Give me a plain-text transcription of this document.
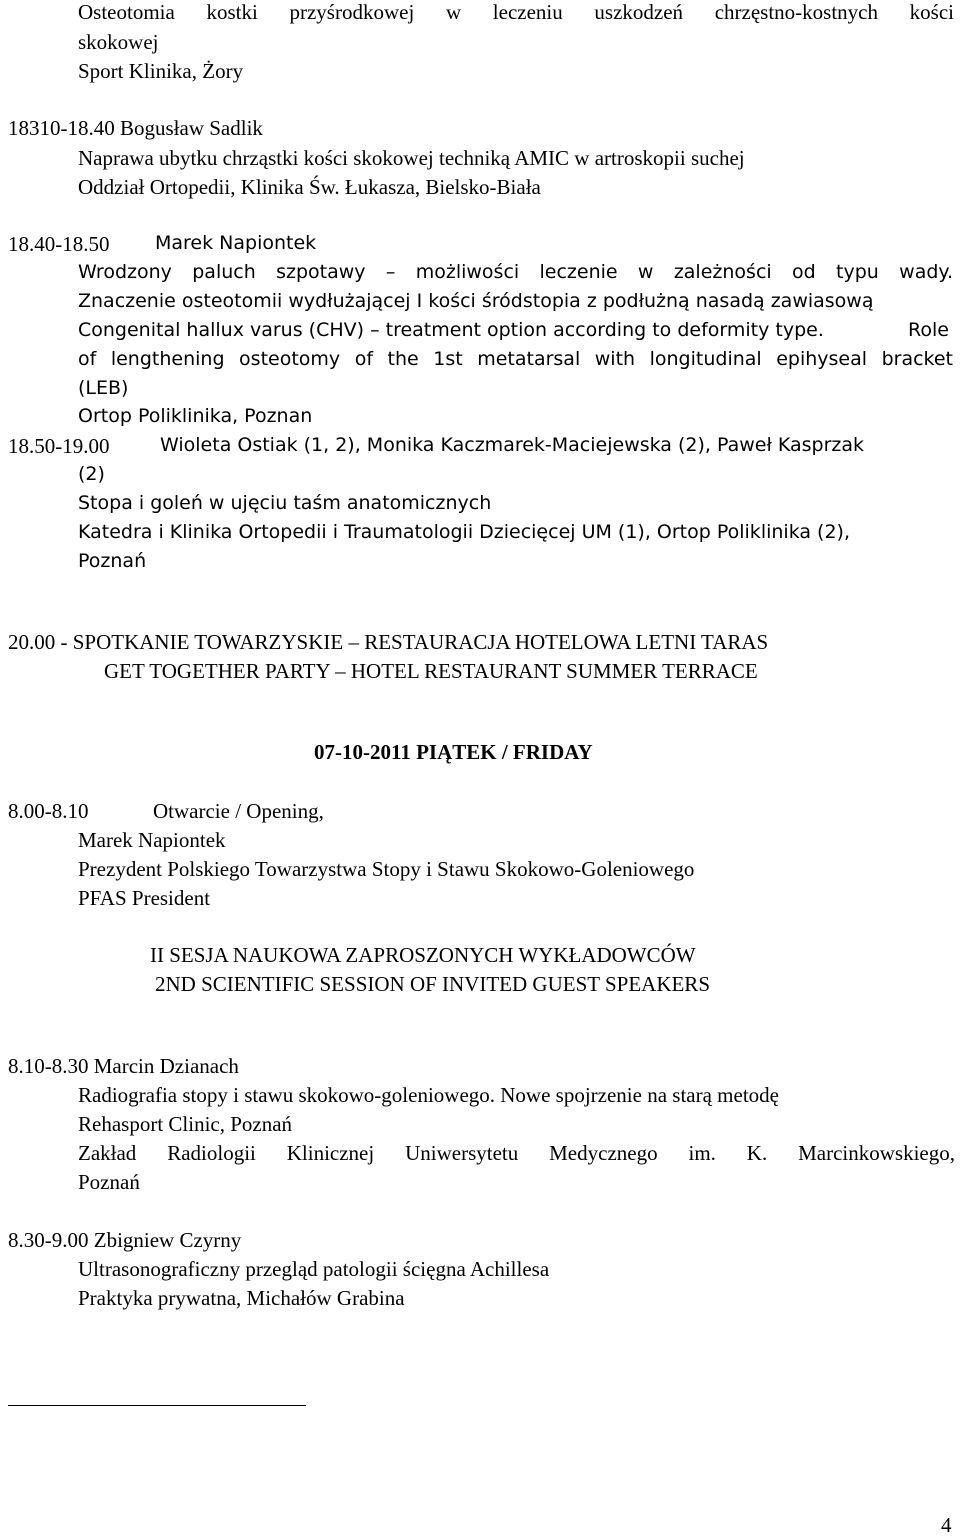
Osteotomia kostki przyśrodkowej w leczeniu uszkodzeń chrzęstno-kostnych kości
skokowej
Sport Klinika, Żory
18310-18.40 Bogusław Sadlik
Naprawa ubytku chrząstki kości skokowej techniką AMIC w artroskopii suchej
Oddział Ortopedii, Klinika Św. Łukasza, Bielsko-Biała
18.40-18.50 Marek Napiontek
Wrodzony paluch szpotawy – możliwości leczenie w zależności od typu wady.
Znaczenie osteotomii wydłużającej I kości śródstopia z podłużną nasadą zawiasową
Congenital hallux varus (CHV) – treatment option according to deformity type.	Role
of lengthening osteotomy of the 1st metatarsal with longitudinal epihyseal bracket
(LEB)
Ortop Poliklinika, Poznan
18.50-19.00	Wioleta Ostiak (1, 2), Monika Kaczmarek-Maciejewska (2), Paweł Kasprzak
(2)
Stopa i goleń w ujęciu taśm anatomicznych
Katedra i Klinika Ortopedii i Traumatologii Dziecięcej UM (1), Ortop Poliklinika (2),
Poznań
20.00 - SPOTKANIE TOWARZYSKIE – RESTAURACJA HOTELOWA LETNI TARAS
GET TOGETHER PARTY – HOTEL RESTAURANT SUMMER TERRACE
07-10-2011 PIĄTEK / FRIDAY
8.00-8.10	Otwarcie / Opening,
Marek Napiontek
Prezydent Polskiego Towarzystwa Stopy i Stawu Skokowo-Goleniowego
PFAS President
II SESJA NAUKOWA ZAPROSZONYCH WYKŁADOWCÓW
2ND SCIENTIFIC SESSION OF INVITED GUEST SPEAKERS
8.10-8.30 Marcin Dzianach
Radiografia stopy i stawu skokowo-goleniowego. Nowe spojrzenie na starą metodę
Rehasport Clinic, Poznań
Zakład Radiologii Klinicznej Uniwersytetu Medycznego im. K. Marcinkowskiego,
Poznań
8.30-9.00 Zbigniew Czyrny
Ultrasonograficzny przegląd patologii ścięgna Achillesa
Praktyka prywatna, Michałów Grabina
4
